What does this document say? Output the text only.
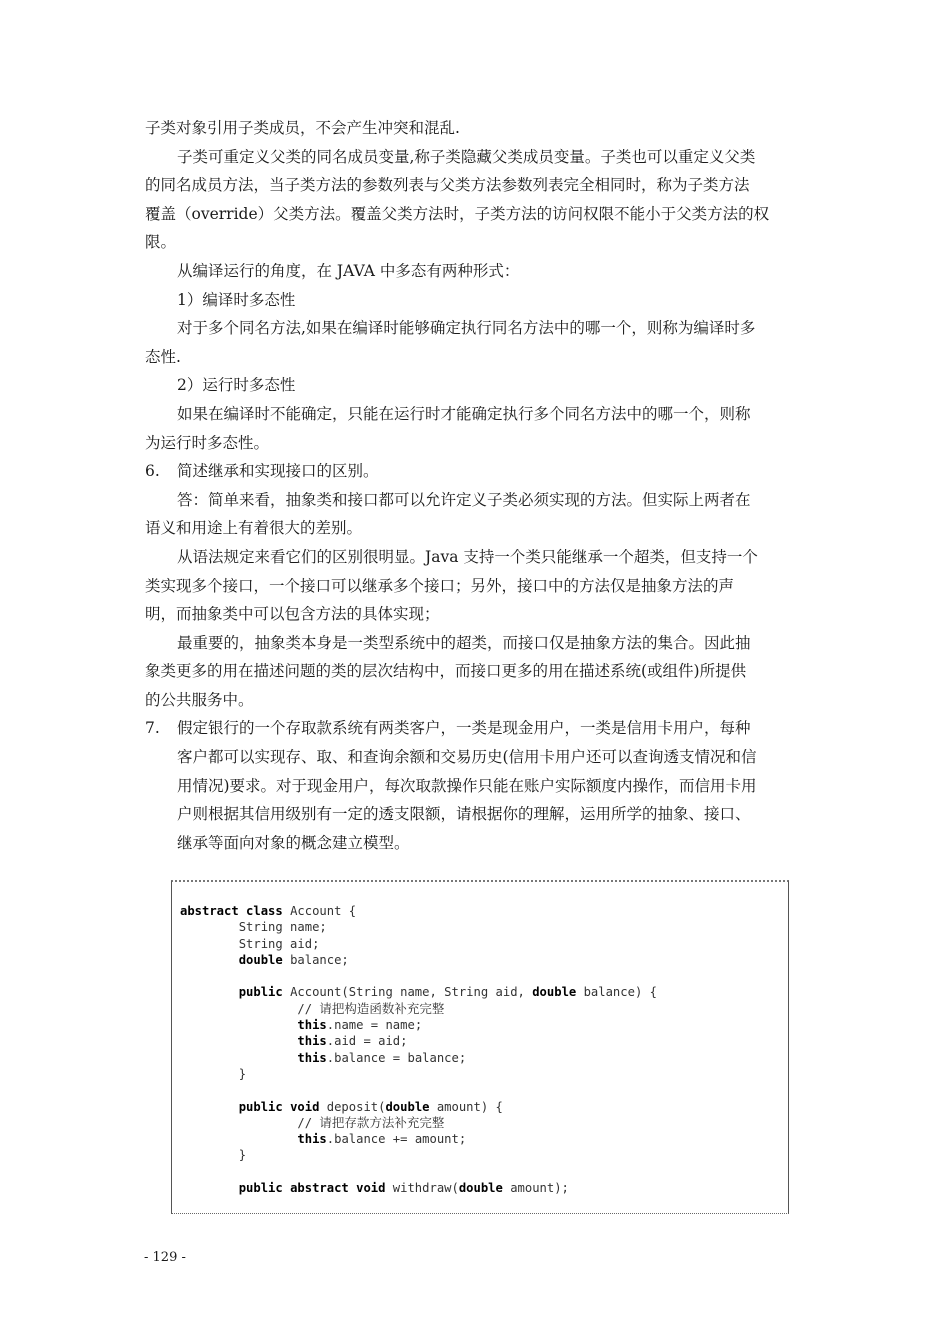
子类对象引用子类成员，不会产生冲突和混乱.
子类可重定义父类的同名成员变量,称子类隐藏父类成员变量。子类也可以重定义父类
的同名成员方法，当子类方法的参数列表与父类方法参数列表完全相同时，称为子类方法
覆盖（override）父类方法。覆盖父类方法时，子类方法的访问权限不能小于父类方法的权
限。
从编译运行的角度，在 JAVA 中多态有两种形式：
1）编译时多态性
对于多个同名方法,如果在编译时能够确定执行同名方法中的哪一个，则称为编译时多
态性.
2）运行时多态性
如果在编译时不能确定，只能在运行时才能确定执行多个同名方法中的哪一个，则称
为运行时多态性。
6.	简述继承和实现接口的区别。
答：简单来看，抽象类和接口都可以允许定义子类必须实现的方法。但实际上两者在
语义和用途上有着很大的差别。
从语法规定来看它们的区别很明显。Java 支持一个类只能继承一个超类，但支持一个
类实现多个接口，一个接口可以继承多个接口；另外，接口中的方法仅是抽象方法的声
明，而抽象类中可以包含方法的具体实现；
最重要的，抽象类本身是一类型系统中的超类，而接口仅是抽象方法的集合。因此抽
象类更多的用在描述问题的类的层次结构中，而接口更多的用在描述系统(或组件)所提供
的公共服务中。
7.	假定银行的一个存取款系统有两类客户，一类是现金用户，一类是信用卡用户，每种
客户都可以实现存、取、和查询余额和交易历史(信用卡用户还可以查询透支情况和信
用情况)要求。对于现金用户，每次取款操作只能在账户实际额度内操作，而信用卡用
户则根据其信用级别有一定的透支限额，请根据你的理解，运用所学的抽象、接口、
继承等面向对象的概念建立模型。
abstract class Account {
String name;
String aid;
double balance;

public Account(String name, String aid, double balance) {
// 请把构造函数补充完整
this.name = name;
this.aid = aid;
this.balance = balance;
}

public void deposit(double amount) {
// 请把存款方法补充完整
this.balance += amount;
}

public abstract void withdraw(double amount);
- 129 -
